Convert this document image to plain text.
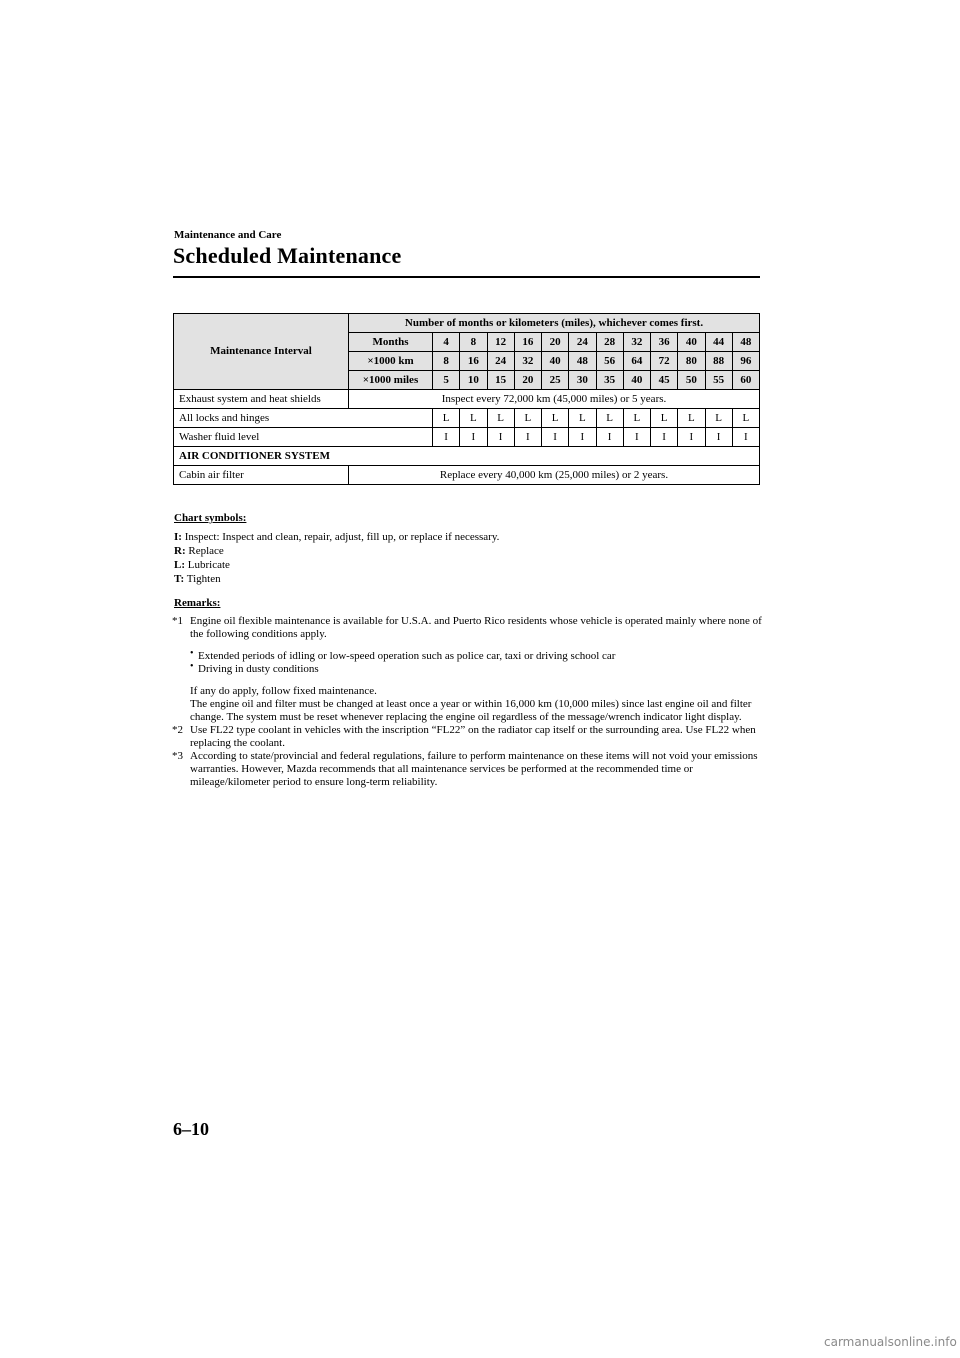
Maintenance and Care
Scheduled Maintenance
Maintenance Interval	Number of months or kilometers (miles), whichever comes first.												
	Months	4	8	12	16	20	24	28	32	36	40	44	48
	×1000 km	8	16	24	32	40	48	56	64	72	80	88	96
	×1000 miles	5	10	15	20	25	30	35	40	45	50	55	60
Exhaust system and heat shields	Inspect every 72,000 km (45,000 miles) or 5 years.												
All locks and hinges		L	L	L	L	L	L	L	L	L	L	L	L
Washer fluid level		I	I	I	I	I	I	I	I	I	I	I	I
AIR CONDITIONER SYSTEM													
Cabin air filter	Replace every 40,000 km (25,000 miles) or 2 years.												
Chart symbols:
I: Inspect: Inspect and clean, repair, adjust, fill up, or replace if necessary.
R: Replace
L: Lubricate
T: Tighten
Remarks:
*1 Engine oil flexible maintenance is available for U.S.A. and Puerto Rico residents whose vehicle is operated mainly where none of the following conditions apply.
• Extended periods of idling or low-speed operation such as police car, taxi or driving school car
• Driving in dusty conditions
If any do apply, follow fixed maintenance.
The engine oil and filter must be changed at least once a year or within 16,000 km (10,000 miles) since last engine oil and filter change. The system must be reset whenever replacing the engine oil regardless of the message/wrench indicator light display.
*2 Use FL22 type coolant in vehicles with the inscription “FL22” on the radiator cap itself or the surrounding area. Use FL22 when replacing the coolant.
*3 According to state/provincial and federal regulations, failure to perform maintenance on these items will not void your emissions warranties. However, Mazda recommends that all maintenance services be performed at the recommended time or mileage/kilometer period to ensure long-term reliability.
6–10
carmanualsonline.info
